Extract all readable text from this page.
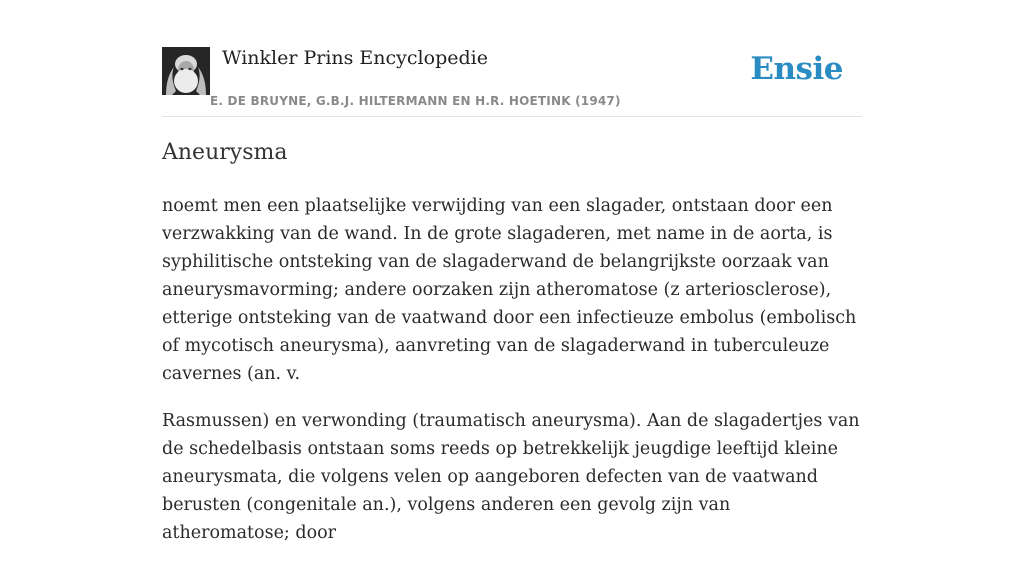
Winkler Prins Encyclopedie
E. DE BRUYNE, G.B.J. HILTERMANN EN H.R. HOETINK (1947)
Ensie
Aneurysma

noemt men een plaatselijke verwijding van een slagader, ontstaan door een verzwakking van de wand. In de grote slagaderen, met name in de aorta, is syphilitische ontsteking van de slagaderwand de belangrijkste oorzaak van aneurysmavorming; andere oorzaken zijn atheromatose (z arteriosclerose), etterige ontsteking van de vaatwand door een infectieuze embolus (embolisch of mycotisch aneurysma), aanvreting van de slagaderwand in tuberculeuze cavernes (an. v.

Rasmussen) en verwonding (traumatisch aneurysma). Aan de slagadertjes van de schedelbasis ontstaan soms reeds op betrekkelijk jeugdige leeftijd kleine aneurysmata, die volgens velen op aangeboren defecten van de vaatwand berusten (congenitale an.), volgens anderen een gevolg zijn van atheromatose; door
